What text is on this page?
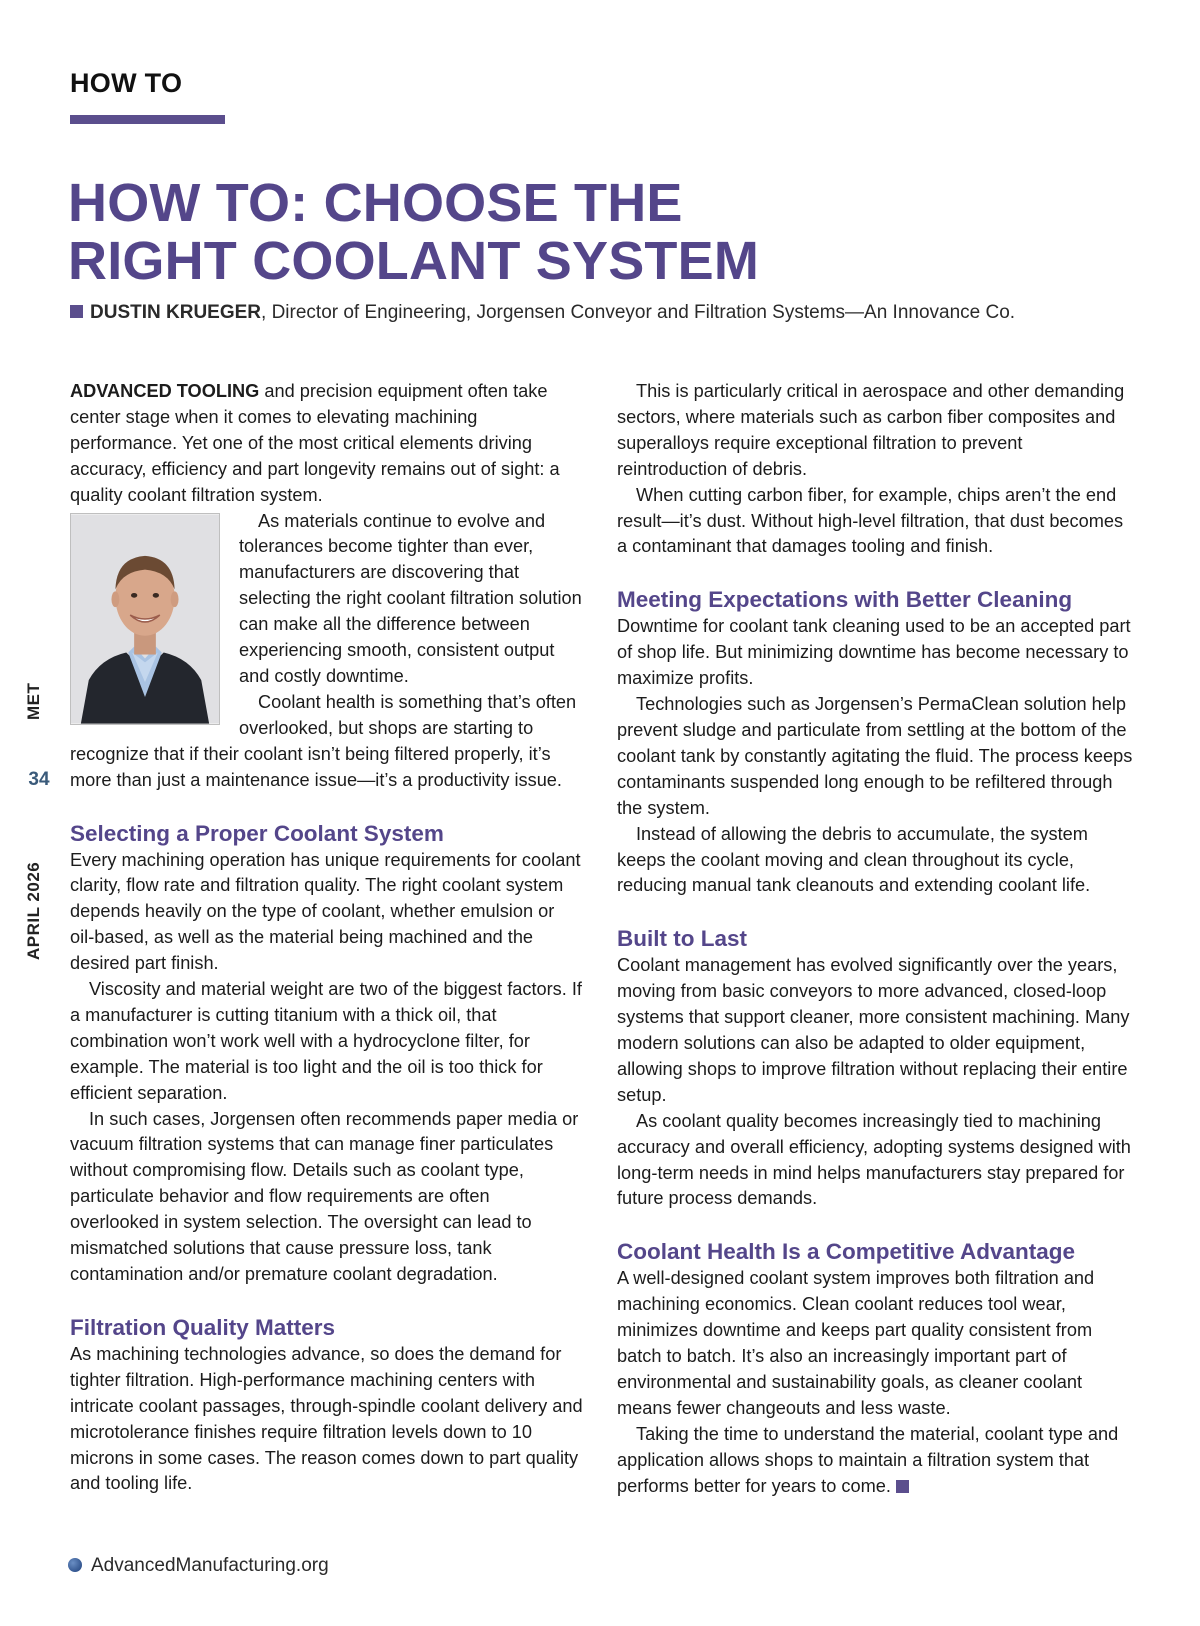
HOW TO
HOW TO: CHOOSE THE
RIGHT COOLANT SYSTEM
DUSTIN KRUEGER, Director of Engineering, Jorgensen Conveyor and Filtration Systems—An Innovance Co.
MET
34
APRIL 2026

ADVANCED TOOLING and precision equipment often take center stage when it comes to elevating machining performance. Yet one of the most critical elements driving accuracy, efficiency and part longevity remains out of sight: a quality coolant filtration system.

As materials continue to evolve and tolerances become tighter than ever, manufacturers are discovering that selecting the right coolant filtration solution can make all the difference between experiencing smooth, consistent output and costly downtime.

Coolant health is something that’s often overlooked, but shops are starting to recognize that if their coolant isn’t being filtered properly, it’s more than just a maintenance issue—it’s a productivity issue.

Selecting a Proper Coolant System

Every machining operation has unique requirements for coolant clarity, flow rate and filtration quality. The right coolant system depends heavily on the type of coolant, whether emulsion or oil-based, as well as the material being machined and the desired part finish.

Viscosity and material weight are two of the biggest factors. If a manufacturer is cutting titanium with a thick oil, that combination won’t work well with a hydrocyclone filter, for example. The material is too light and the oil is too thick for efficient separation.

In such cases, Jorgensen often recommends paper media or vacuum filtration systems that can manage finer particulates without compromising flow. Details such as coolant type, particulate behavior and flow requirements are often overlooked in system selection. The oversight can lead to mismatched solutions that cause pressure loss, tank contamination and/or premature coolant degradation.

Filtration Quality Matters

As machining technologies advance, so does the demand for tighter filtration. High-performance machining centers with intricate coolant passages, through-spindle coolant delivery and microtolerance finishes require filtration levels down to 10 microns in some cases. The reason comes down to part quality and tooling life.

This is particularly critical in aerospace and other demanding sectors, where materials such as carbon fiber composites and superalloys require exceptional filtration to prevent reintroduction of debris.

When cutting carbon fiber, for example, chips aren’t the end result—it’s dust. Without high-level filtration, that dust becomes a contaminant that damages tooling and finish.

Meeting Expectations with Better Cleaning

Downtime for coolant tank cleaning used to be an accepted part of shop life. But minimizing downtime has become necessary to maximize profits.

Technologies such as Jorgensen’s PermaClean solution help prevent sludge and particulate from settling at the bottom of the coolant tank by constantly agitating the fluid. The process keeps contaminants suspended long enough to be refiltered through the system.

Instead of allowing the debris to accumulate, the system keeps the coolant moving and clean throughout its cycle, reducing manual tank cleanouts and extending coolant life.

Built to Last

Coolant management has evolved significantly over the years, moving from basic conveyors to more advanced, closed-loop systems that support cleaner, more consistent machining. Many modern solutions can also be adapted to older equipment, allowing shops to improve filtration without replacing their entire setup.

As coolant quality becomes increasingly tied to machining accuracy and overall efficiency, adopting systems designed with long-term needs in mind helps manufacturers stay prepared for future process demands.

Coolant Health Is a Competitive Advantage

A well-designed coolant system improves both filtration and machining economics. Clean coolant reduces tool wear, minimizes downtime and keeps part quality consistent from batch to batch. It’s also an increasingly important part of environmental and sustainability goals, as cleaner coolant means fewer changeouts and less waste.

Taking the time to understand the material, coolant type and application allows shops to maintain a filtration system that performs better for years to come.

AdvancedManufacturing.org
